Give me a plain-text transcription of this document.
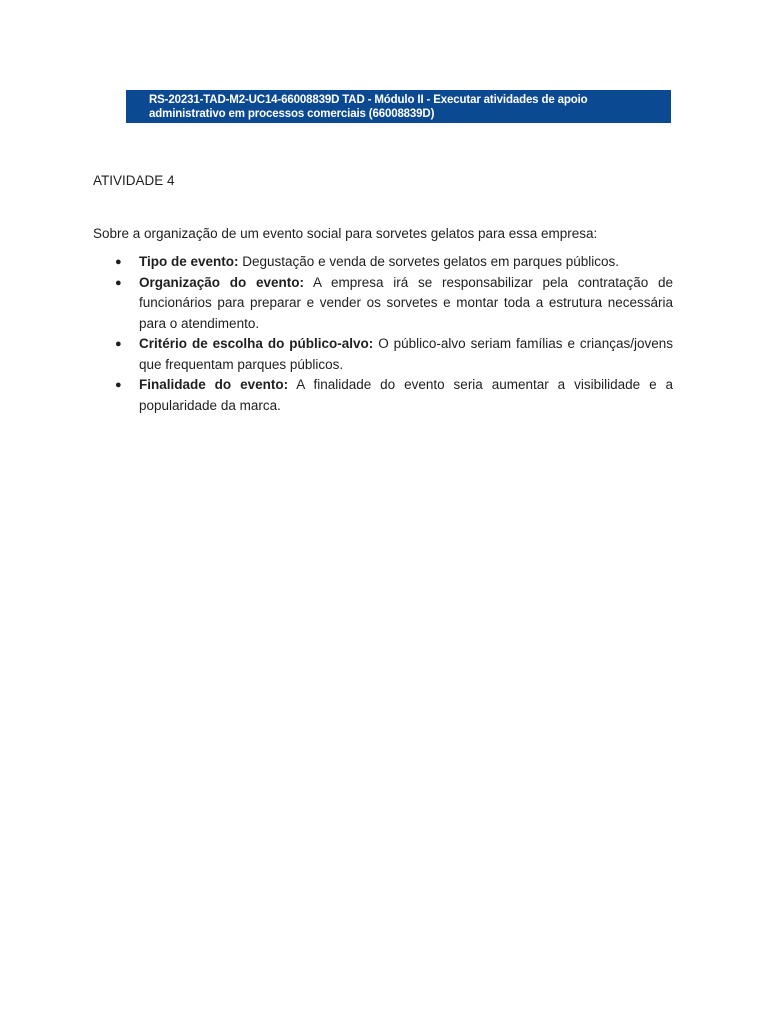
RS-20231-TAD-M2-UC14-66008839D TAD - Módulo II - Executar atividades de apoio administrativo em processos comerciais (66008839D)
ATIVIDADE 4

Sobre a organização de um evento social para sorvetes gelatos para essa empresa:

● Tipo de evento: Degustação e venda de sorvetes gelatos em parques públicos.
● Organização do evento: A empresa irá se responsabilizar pela contratação de funcionários para preparar e vender os sorvetes e montar toda a estrutura necessária para o atendimento.
● Critério de escolha do público-alvo: O público-alvo seriam famílias e crianças/jovens que frequentam parques públicos.
● Finalidade do evento: A finalidade do evento seria aumentar a visibilidade e a popularidade da marca.
